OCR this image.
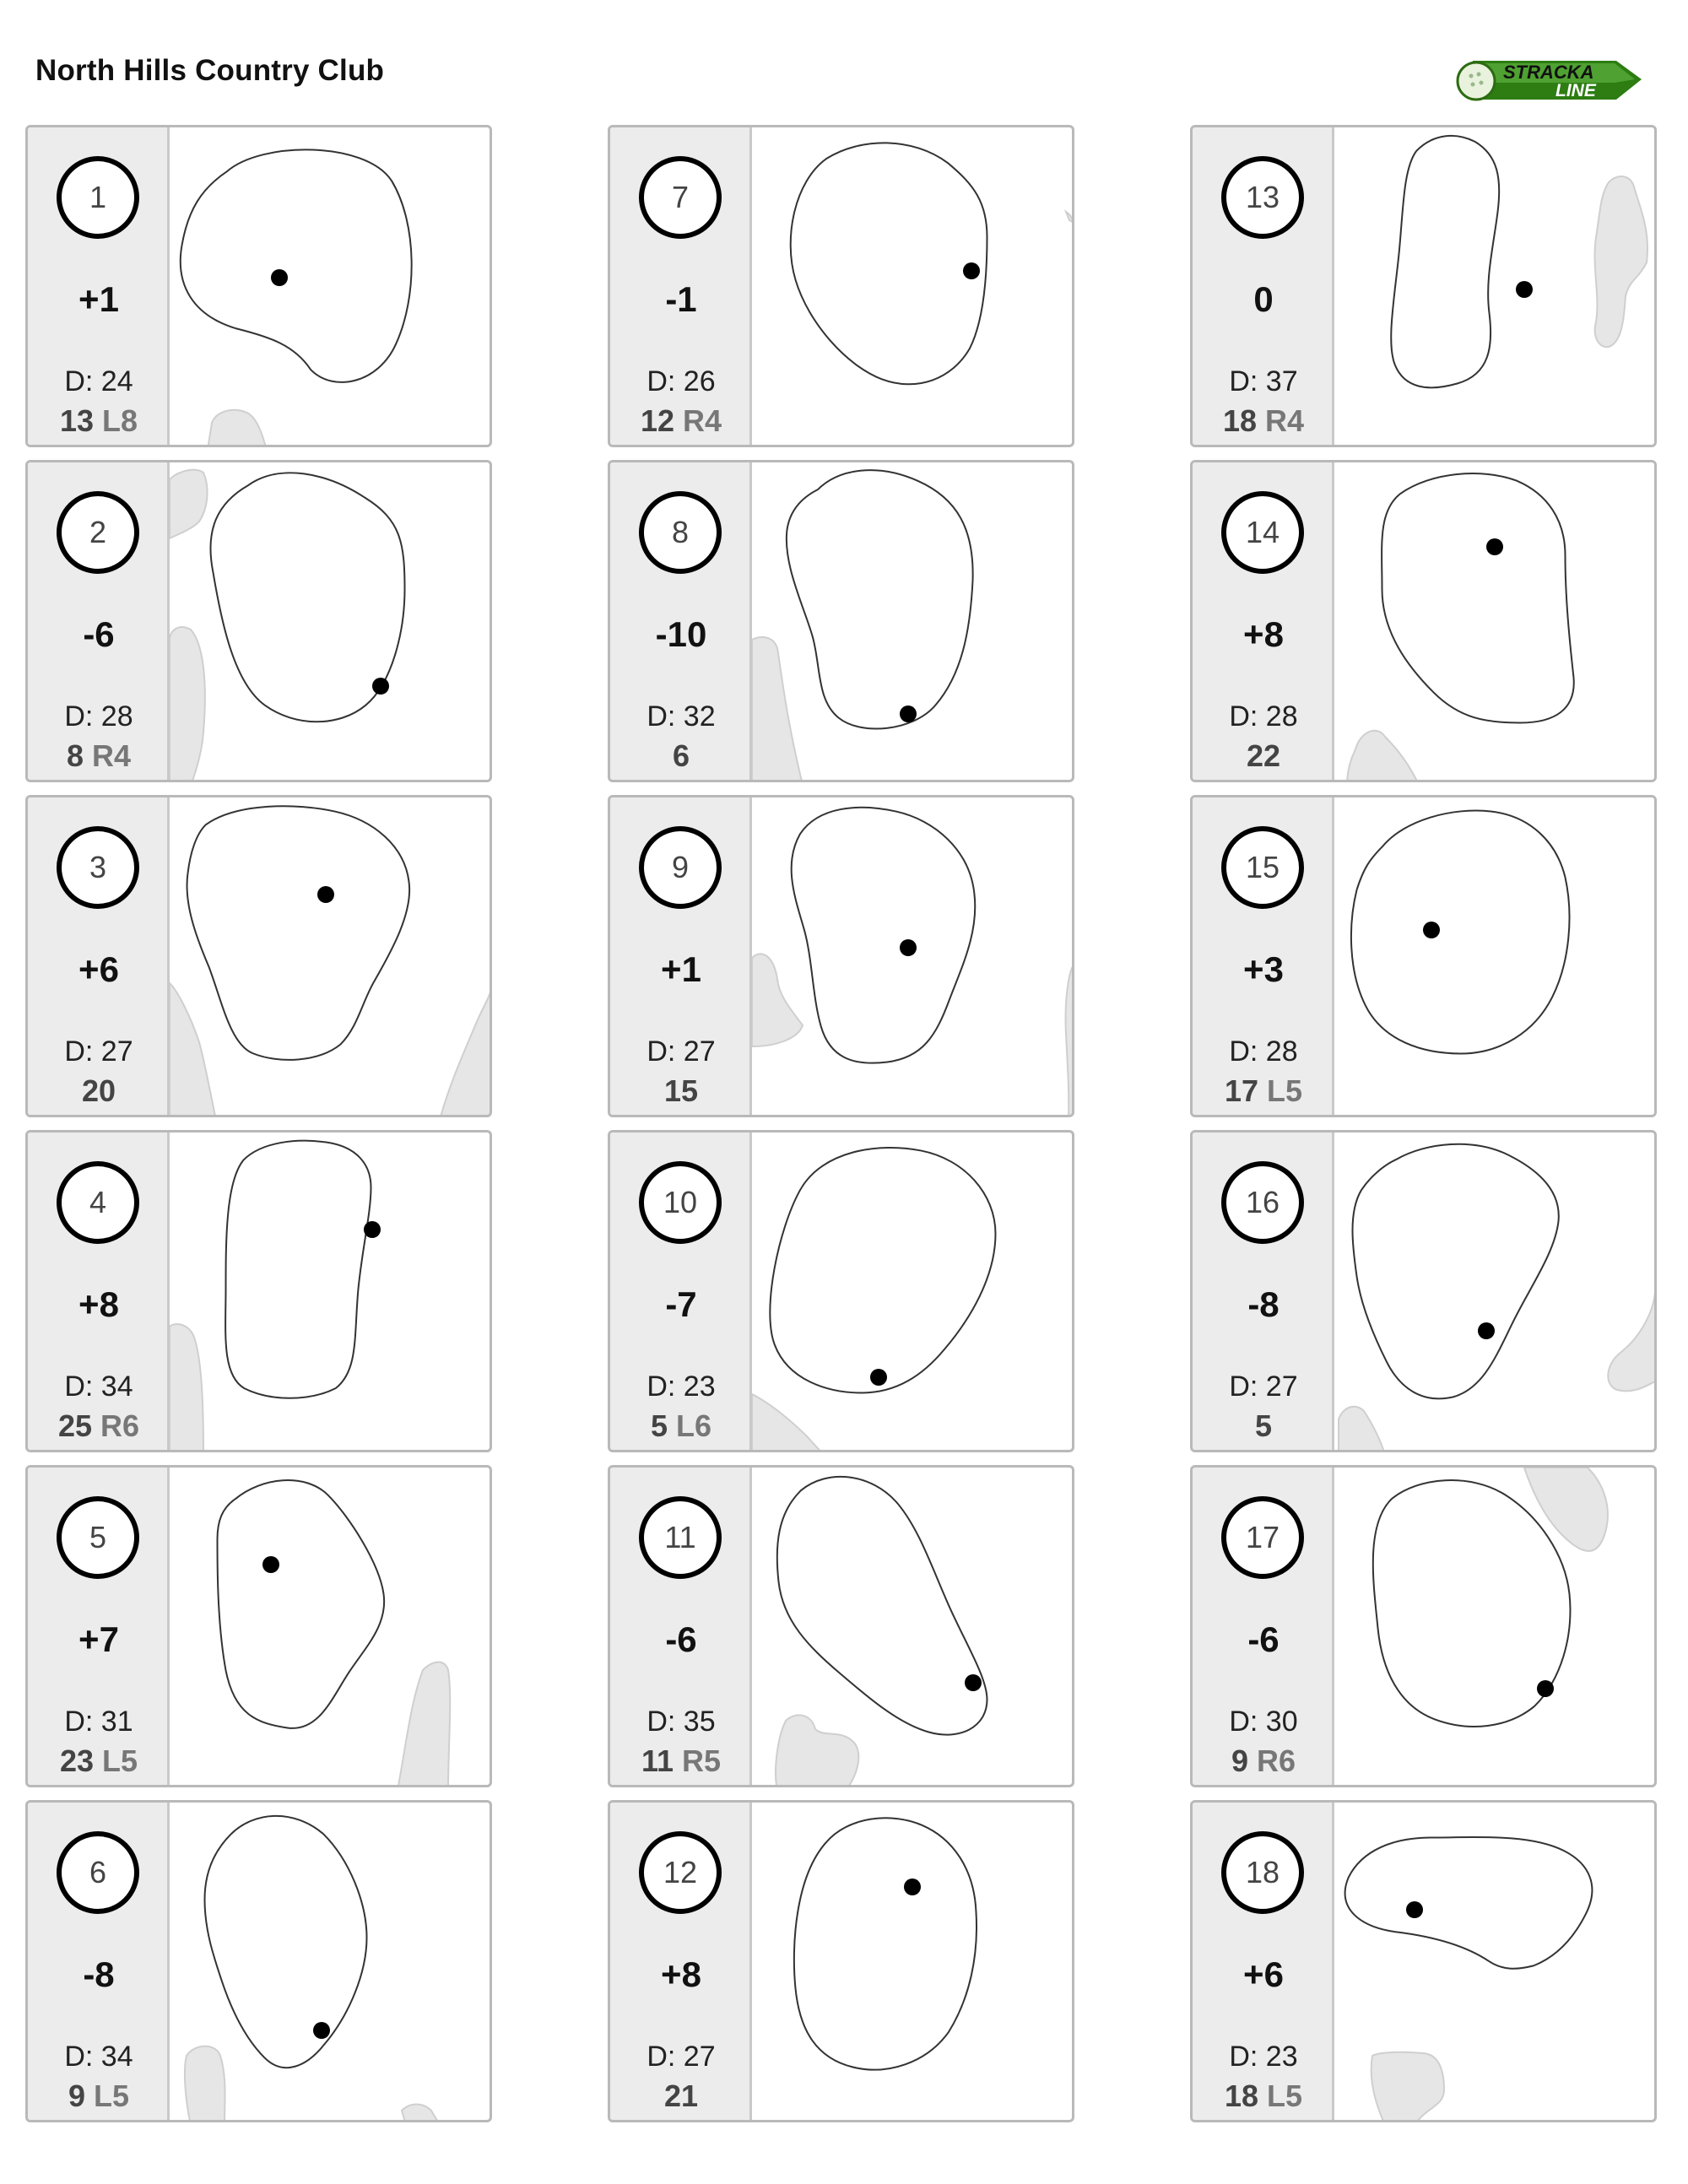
North Hills Country Club	STRACKA
LINE
1
+1
D: 24
13 L8
2
-6
D: 28
8 R4
3
+6
D: 27
20
4
+8
D: 34
25 R6
5
+7
D: 31
23 L5
6
-8
D: 34
9 L5
7
-1
D: 26
12 R4
8
-10
D: 32
6
9
+1
D: 27
15
10
-7
D: 23
5 L6
11
-6
D: 35
11 R5
12
+8
D: 27
21
13
0
D: 37
18 R4
14
+8
D: 28
22
15
+3
D: 28
17 L5
16
-8
D: 27
5
17
-6
D: 30
9 R6
18
+6
D: 23
18 L5
